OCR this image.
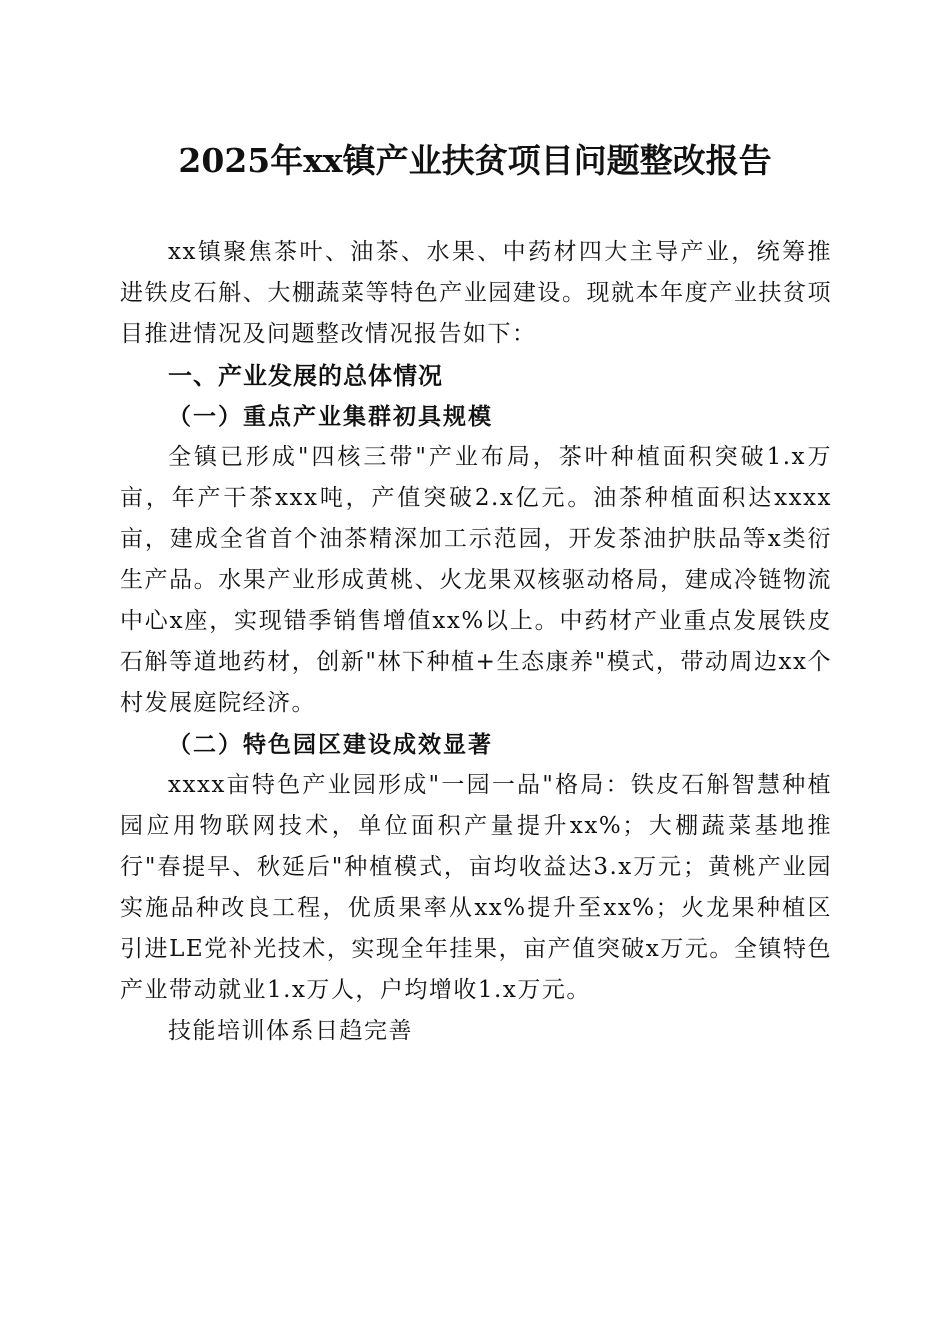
2025年xx镇产业扶贫项目问题整改报告

xx镇聚焦茶叶、油茶、水果、中药材四大主导产业，统筹推进铁皮石斛、大棚蔬菜等特色产业园建设。现就本年度产业扶贫项目推进情况及问题整改情况报告如下：

一、产业发展的总体情况

（一）重点产业集群初具规模

全镇已形成"四核三带"产业布局，茶叶种植面积突破1.x万亩，年产干茶xxx吨，产值突破2.x亿元。油茶种植面积达xxxx亩，建成全省首个油茶精深加工示范园，开发茶油护肤品等x类衍生产品。水果产业形成黄桃、火龙果双核驱动格局，建成冷链物流中心x座，实现错季销售增值xx%以上。中药材产业重点发展铁皮石斛等道地药材，创新"林下种植+生态康养"模式，带动周边xx个村发展庭院经济。

（二）特色园区建设成效显著

xxxx亩特色产业园形成"一园一品"格局：铁皮石斛智慧种植园应用物联网技术，单位面积产量提升xx%；大棚蔬菜基地推行"春提早、秋延后"种植模式，亩均收益达3.x万元；黄桃产业园实施品种改良工程，优质果率从xx%提升至xx%；火龙果种植区引进LE党补光技术，实现全年挂果，亩产值突破x万元。全镇特色产业带动就业1.x万人，户均增收1.x万元。

技能培训体系日趋完善
